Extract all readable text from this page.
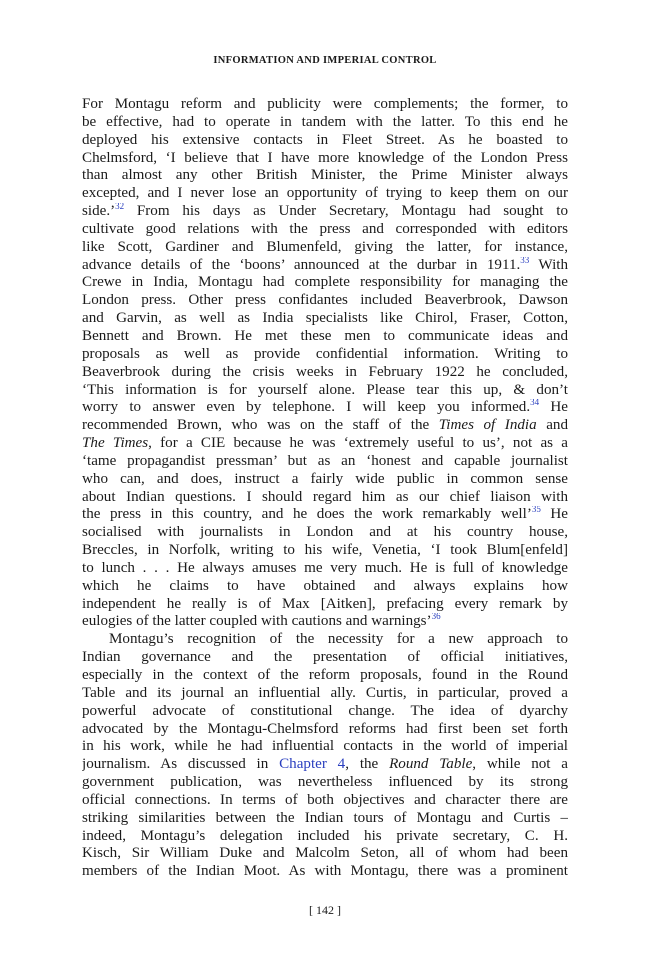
INFORMATION AND IMPERIAL CONTROL
For Montagu reform and publicity were complements; the former, to
be effective, had to operate in tandem with the latter. To this end he
deployed his extensive contacts in Fleet Street. As he boasted to
Chelmsford, ‘I believe that I have more knowledge of the London Press
than almost any other British Minister, the Prime Minister always
excepted, and I never lose an opportunity of trying to keep them on our
side.’$^{32}$ From his days as Under Secretary, Montagu had sought to
cultivate good relations with the press and corresponded with editors
like Scott, Gardiner and Blumenfeld, giving the latter, for instance,
advance details of the ‘boons’ announced at the durbar in 1911.33 With
Crewe in India, Montagu had complete responsibility for managing the
London press. Other press confidantes included Beaverbrook, Dawson
and Garvin, as well as India specialists like Chirol, Fraser, Cotton,
Bennett and Brown. He met these men to communicate ideas and
proposals as well as provide confidential information. Writing to
Beaverbrook during the crisis weeks in February 1922 he concluded,
‘This information is for yourself alone. Please tear this up, & don’t
worry to answer even by telephone. I will keep you informed.$^{34}$ He
recommended Brown, who was on the staff of the Times of India and
The Times, for a CIE because he was ‘extremely useful to us’, not as a
‘tame propagandist pressman’ but as an ‘honest and capable journalist
who can, and does, instruct a fairly wide public in common sense
about Indian questions. I should regard him as our chief liaison with
the press in this country, and he does the work remarkably well’$^{35}$ He
socialised with journalists in London and at his country house,
Breccles, in Norfolk, writing to his wife, Venetia, ‘I took Blum[enfeld]
to lunch . . . He always amuses me very much. He is full of knowledge
which he claims to have obtained and always explains how
independent he really is of Max [Aitken], prefacing every remark by
eulogies of the latter coupled with cautions and warnings’$^{36}$
Montagu’s recognition of the necessity for a new approach to
Indian governance and the presentation of official initiatives,
especially in the context of the reform proposals, found in the Round
Table and its journal an influential ally. Curtis, in particular, proved a
powerful advocate of constitutional change. The idea of dyarchy
advocated by the Montagu-Chelmsford reforms had first been set forth
in his work, while he had influential contacts in the world of imperial
journalism. As discussed in Chapter 4, the Round Table, while not a
government publication, was nevertheless influenced by its strong
official connections. In terms of both objectives and character there are
striking similarities between the Indian tours of Montagu and Curtis –
indeed, Montagu’s delegation included his private secretary, C. H.
Kisch, Sir William Duke and Malcolm Seton, all of whom had been
members of the Indian Moot. As with Montagu, there was a prominent
[ 142 ]
